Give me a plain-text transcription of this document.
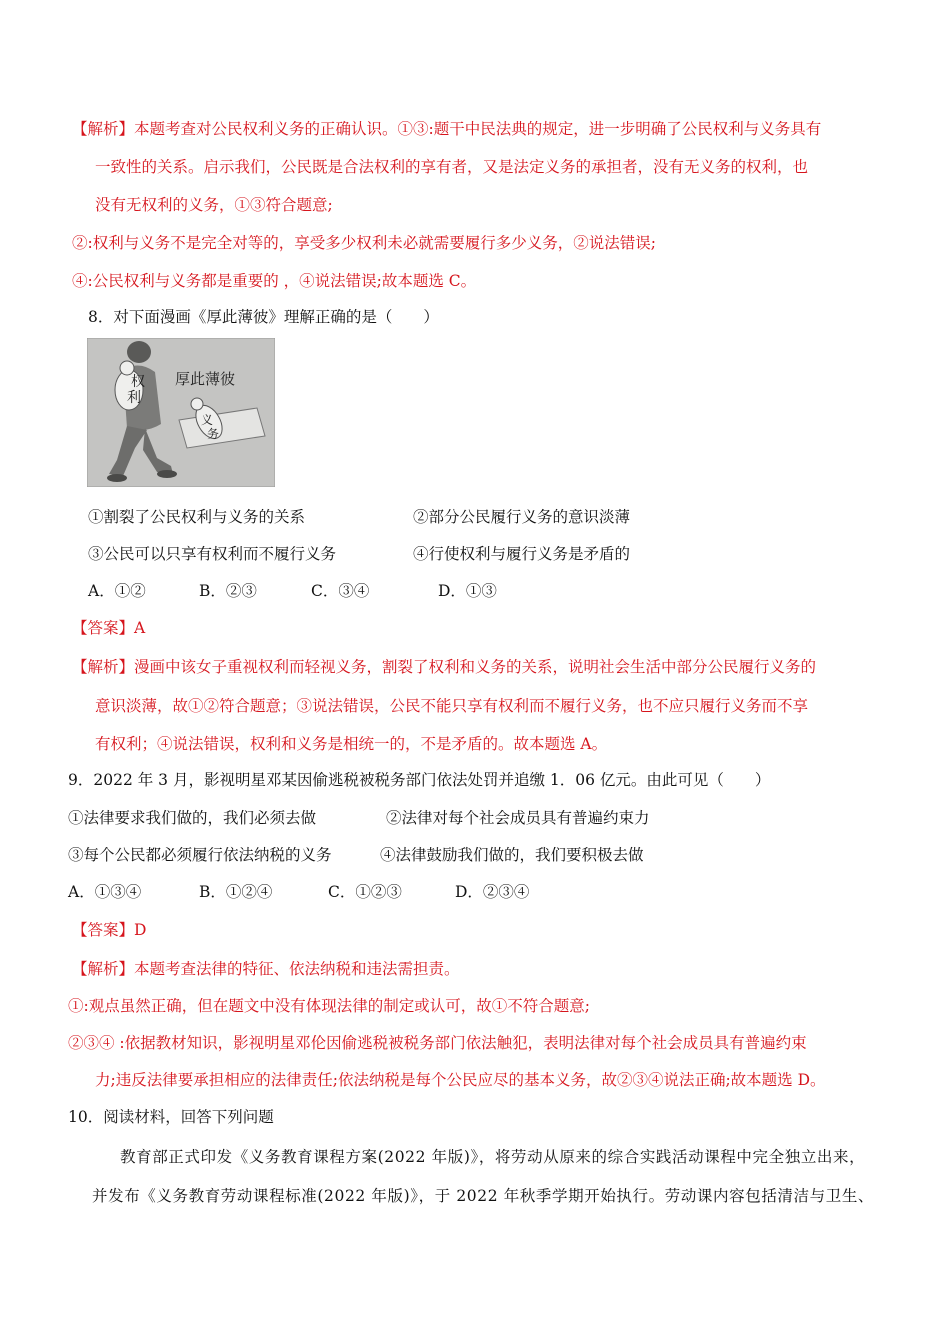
【解析】本题考查对公民权利义务的正确认识。①③:题干中民法典的规定，进一步明确了公民权利与义务具有
一致性的关系。启示我们，公民既是合法权利的享有者，又是法定义务的承担者，没有无义务的权利，也
没有无权利的义务，①③符合题意;
②:权利与义务不是完全对等的，享受多少权利未必就需要履行多少义务，②说法错误;
④:公民权利与义务都是重要的 ，④说法错误;故本题选 C。
8．对下面漫画《厚此薄彼》理解正确的是（　　）
权
利
厚此薄彼
义
务
①割裂了公民权利与义务的关系	②部分公民履行义务的意识淡薄
③公民可以只享有权利而不履行义务	④行使权利与履行义务是矛盾的
A．①②	B．②③	C．③④	D．①③
【答案】A
【解析】漫画中该女子重视权利而轻视义务，割裂了权利和义务的关系，说明社会生活中部分公民履行义务的
意识淡薄，故①②符合题意；③说法错误，公民不能只享有权利而不履行义务，也不应只履行义务而不享
有权利；④说法错误，权利和义务是相统一的，不是矛盾的。故本题选 A。
9．2022 年 3 月，影视明星邓某因偷逃税被税务部门依法处罚并追缴 1．06 亿元。由此可见（　　）
①法律要求我们做的，我们必须去做	②法律对每个社会成员具有普遍约束力
③每个公民都必须履行依法纳税的义务	④法律鼓励我们做的，我们要积极去做
A．①③④	B．①②④	C．①②③	D．②③④
【答案】D
【解析】本题考查法律的特征、依法纳税和违法需担责。
①:观点虽然正确，但在题文中没有体现法律的制定或认可，故①不符合题意;
②③④ :依据教材知识，影视明星邓伦因偷逃税被税务部门依法触犯，表明法律对每个社会成员具有普遍约束
力;违反法律要承担相应的法律责任;依法纳税是每个公民应尽的基本义务，故②③④说法正确;故本题选 D。
10．阅读材料，回答下列问题
教育部正式印发《义务教育课程方案(2022 年版)》，将劳动从原来的综合实践活动课程中完全独立出来，
并发布《义务教育劳动课程标准(2022 年版)》，于 2022 年秋季学期开始执行。劳动课内容包括清洁与卫生、
